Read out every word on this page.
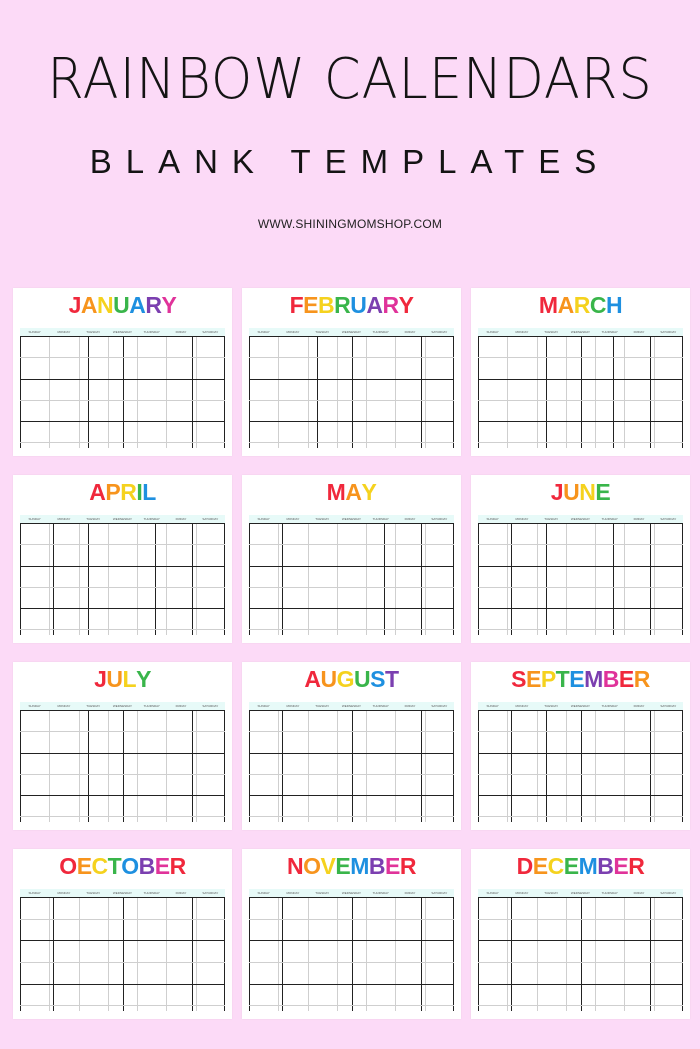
RAINBOW CALENDARS
BLANK TEMPLATES
WWW.SHININGMOMSHOP.COM
JANUARY
SUNDAY	MONDAY	TUESDAY	WEDNESDAY	THURSDAY	FRIDAY	SATURDAY
FEBRUARY
SUNDAY	MONDAY	TUESDAY	WEDNESDAY	THURSDAY	FRIDAY	SATURDAY
MARCH
SUNDAY	MONDAY	TUESDAY	WEDNESDAY	THURSDAY	FRIDAY	SATURDAY
APRIL
SUNDAY	MONDAY	TUESDAY	WEDNESDAY	THURSDAY	FRIDAY	SATURDAY
MAY
SUNDAY	MONDAY	TUESDAY	WEDNESDAY	THURSDAY	FRIDAY	SATURDAY
JUNE
SUNDAY	MONDAY	TUESDAY	WEDNESDAY	THURSDAY	FRIDAY	SATURDAY
JULY
SUNDAY	MONDAY	TUESDAY	WEDNESDAY	THURSDAY	FRIDAY	SATURDAY
AUGUST
SUNDAY	MONDAY	TUESDAY	WEDNESDAY	THURSDAY	FRIDAY	SATURDAY
SEPTEMBER
SUNDAY	MONDAY	TUESDAY	WEDNESDAY	THURSDAY	FRIDAY	SATURDAY
OECTOBER
SUNDAY	MONDAY	TUESDAY	WEDNESDAY	THURSDAY	FRIDAY	SATURDAY
NOVEMBER
SUNDAY	MONDAY	TUESDAY	WEDNESDAY	THURSDAY	FRIDAY	SATURDAY
DECEMBER
SUNDAY	MONDAY	TUESDAY	WEDNESDAY	THURSDAY	FRIDAY	SATURDAY
